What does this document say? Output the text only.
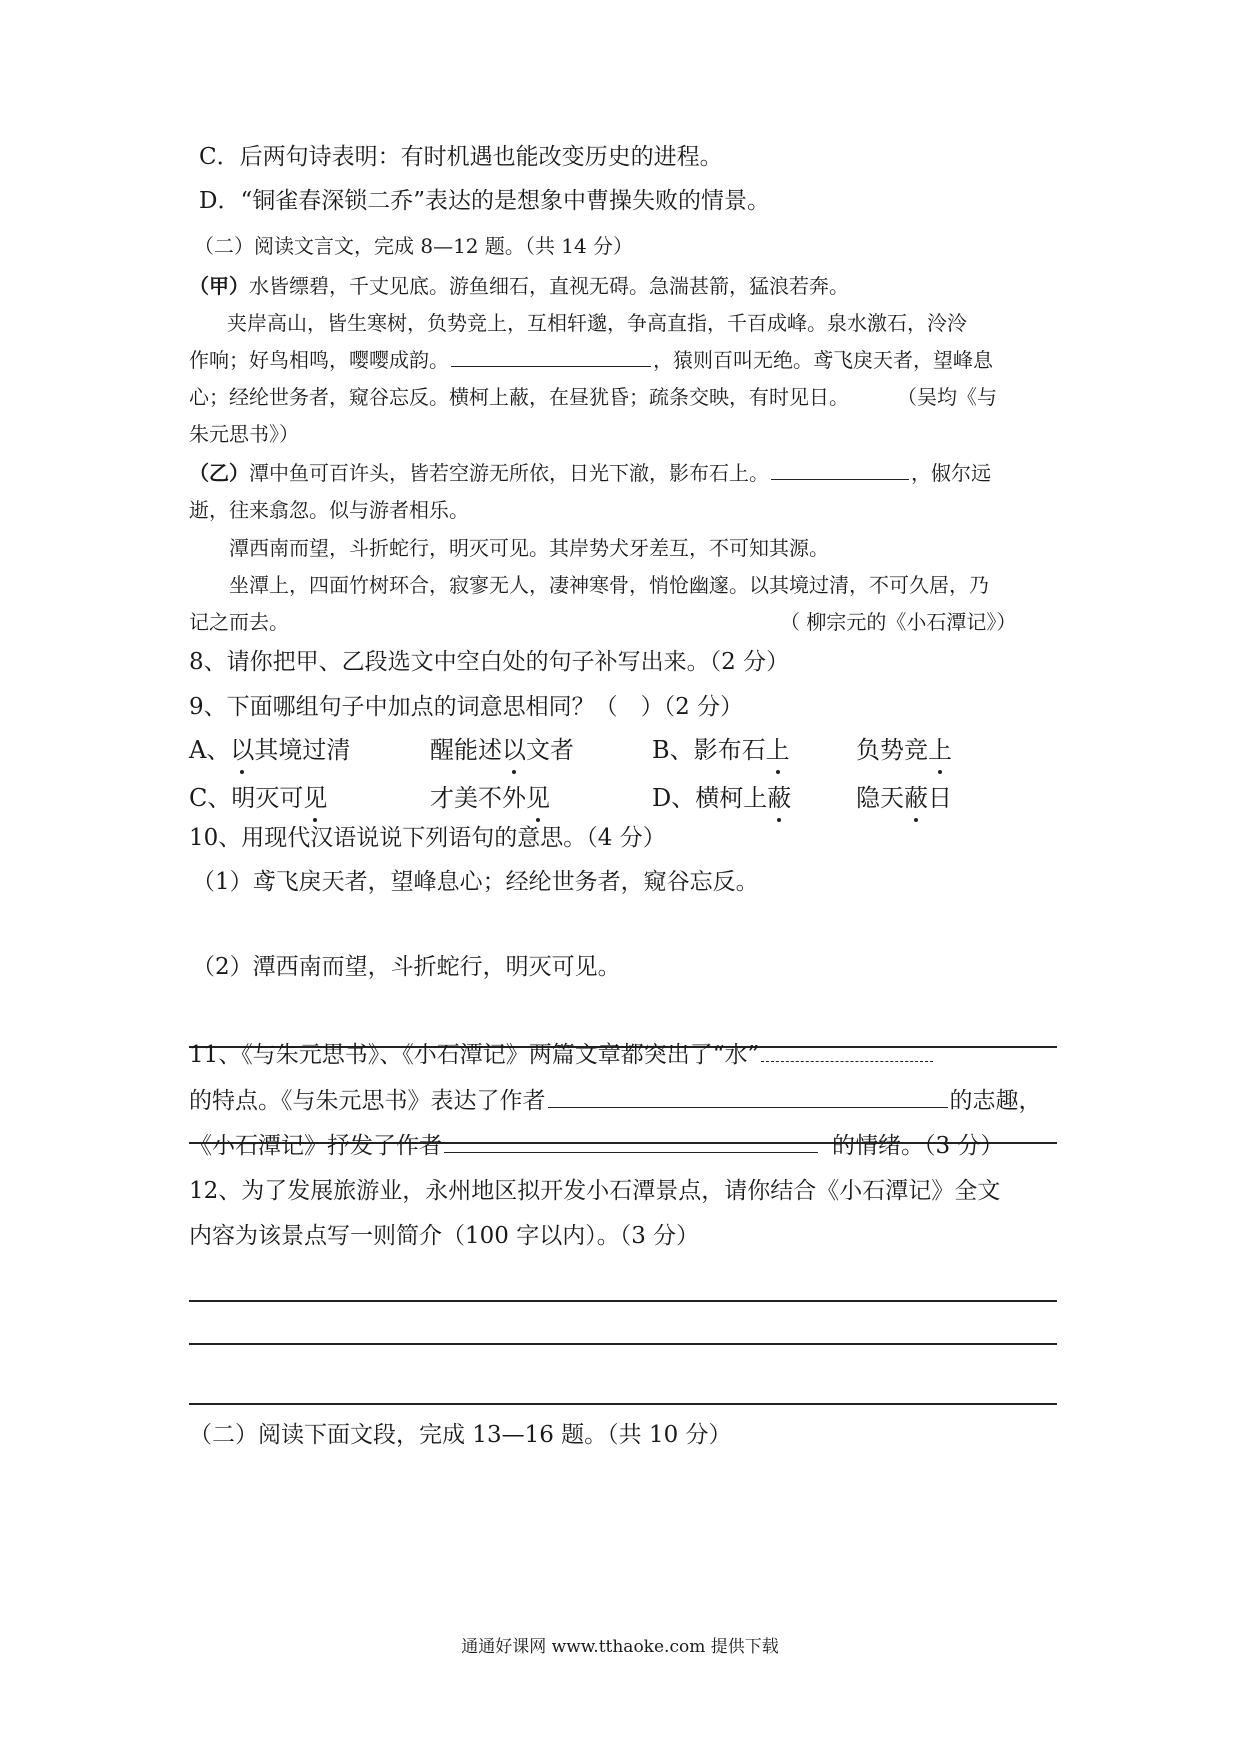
C．后两句诗表明：有时机遇也能改变历史的进程。
D．“铜雀春深锁二乔”表达的是想象中曹操失败的情景。
（二）阅读文言文，完成 8—12 题。（共 14 分）
（甲）水皆缥碧，千丈见底。游鱼细石，直视无碍。急湍甚箭，猛浪若奔。
夹岸高山，皆生寒树，负势竞上，互相轩邈，争高直指，千百成峰。泉水激石，泠泠
作响；好鸟相鸣，嘤嘤成韵。	，猿则百叫无绝。鸢飞戾天者，望峰息
心；经纶世务者，窥谷忘反。横柯上蔽，在昼犹昏；疏条交映，有时见日。 （吴均《与
朱元思书》）
（乙）潭中鱼可百许头，皆若空游无所依，日光下澈，影布石上。	，俶尔远
逝，往来翕忽。似与游者相乐。
潭西南而望，斗折蛇行，明灭可见。其岸势犬牙差互，不可知其源。
坐潭上，四面竹树环合，寂寥无人，凄神寒骨，悄怆幽邃。以其境过清，不可久居，乃
记之而去。	（ 柳宗元的《小石潭记》）
8、请你把甲、乙段选文中空白处的句子补写出来。（2 分）
9、下面哪组句子中加点的词意思相同？（　）（2 分）
A、以其境过清	醒能述以文者	B、影布石上	负势竞上
C、明灭可见	才美不外见	D、横柯上蔽	隐天蔽日
10、用现代汉语说说下列语句的意思。（4 分）
（1）鸢飞戾天者，望峰息心；经纶世务者，窥谷忘反。
（2）潭西南而望，斗折蛇行，明灭可见。
11、《与朱元思书》、《小石潭记》两篇文章都突出了“水”
的特点。《与朱元思书》表达了作者	的志趣，
《小石潭记》抒发了作者	的情绪。（3 分）
12、为了发展旅游业，永州地区拟开发小石潭景点，请你结合《小石潭记》全文
内容为该景点写一则简介（100 字以内）。（3 分）
（二）阅读下面文段，完成 13—16 题。（共 10 分）
通通好课网 www.tthaoke.com 提供下载
